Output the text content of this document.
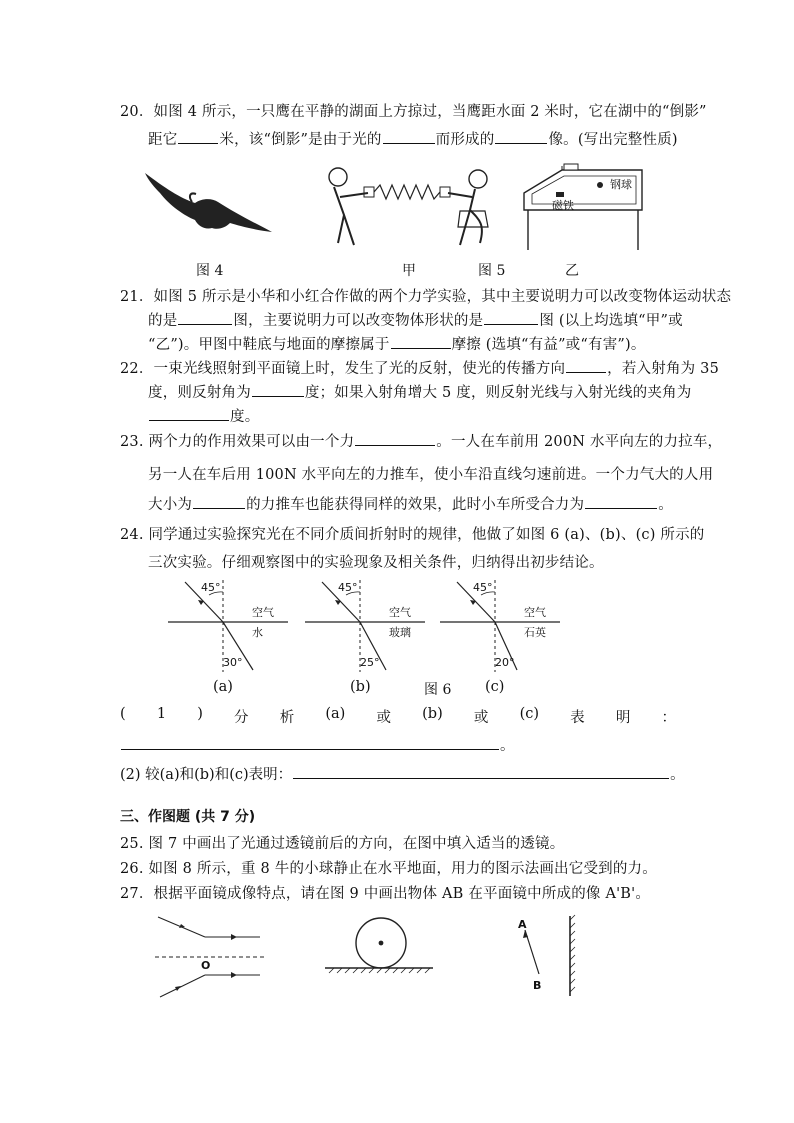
20．如图 4 所示，一只鹰在平静的湖面上方掠过，当鹰距水面 2 米时，它在湖中的“倒影”
距它	米，该“倒影”是由于光的	而形成的	像。(写出完整性质)
磁铁
钢球
图 4	甲	图 5	乙
21．如图 5 所示是小华和小红合作做的两个力学实验，其中主要说明力可以改变物体运动状态
的是	图，主要说明力可以改变物体形状的是	图 (以上均选填“甲”或
“乙”)。甲图中鞋底与地面的摩擦属于	摩擦 (选填“有益”或“有害”)。
22．一束光线照射到平面镜上时，发生了光的反射，使光的传播方向	，若入射角为 35
度，则反射角为	度；如果入射角增大 5 度，则反射光线与入射光线的夹角为
度。
23. 两个力的作用效果可以由一个力	。一人在车前用 200N 水平向左的力拉车，
另一人在车后用 100N 水平向左的力推车，使小车沿直线匀速前进。一个力气大的人用
大小为	的力推车也能获得同样的效果，此时小车所受合力为	。
24. 同学通过实验探究光在不同介质间折射时的规律，他做了如图 6 (a)、(b)、(c) 所示的
三次实验。仔细观察图中的实验现象及相关条件，归纳得出初步结论。
45°
空气
水
30°
(a)
45°
空气
玻璃
25°
(b)
45°
空气
石英
20°
(c)
图 6
( 1 ) 分 析 (a) 或 (b) 或 (c) 表 明 ：
。
(2) 较(a)和(b)和(c)表明：	。
三、作图题 (共 7 分)
25. 图 7 中画出了光通过透镜前后的方向，在图中填入适当的透镜。
26. 如图 8 所示，重 8 牛的小球静止在水平地面，用力的图示法画出它受到的力。
27．根据平面镜成像特点，请在图 9 中画出物体 AB 在平面镜中所成的像 A'B'。
O
A
B
